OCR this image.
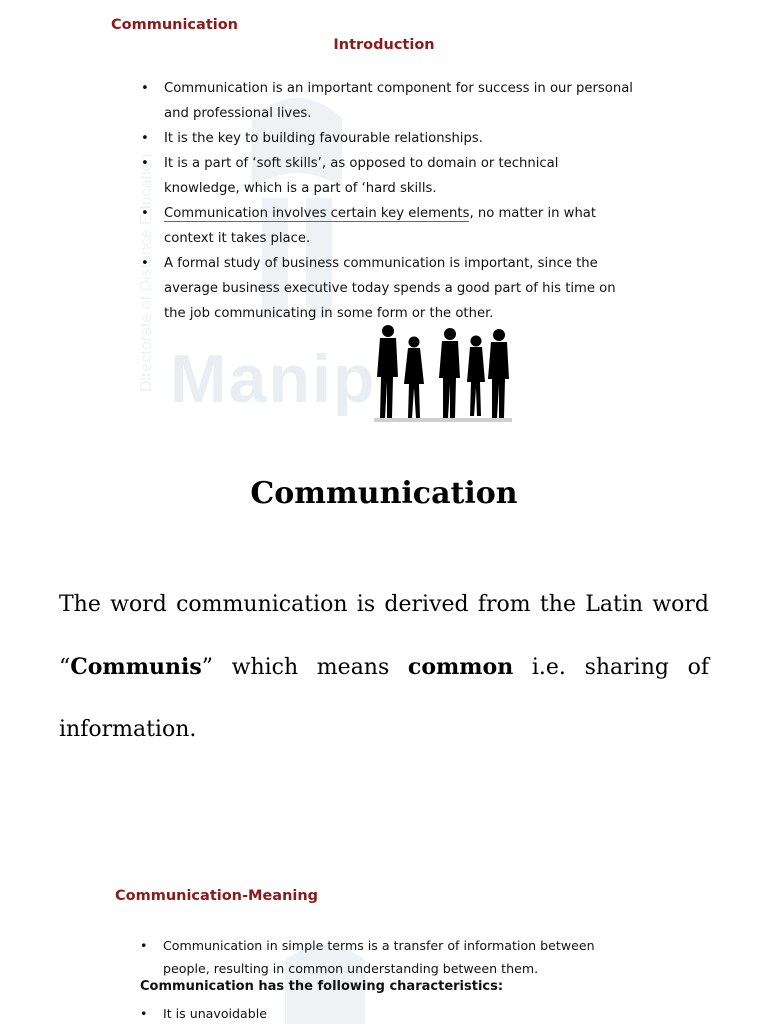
Manip
Directorate of Distance Education
Communication
Introduction
• Communication is an important component for success in our personal and professional lives.
• It is the key to building favourable relationships.
• It is a part of ‘soft skills’, as opposed to domain or technical knowledge, which is a part of ‘hard skills.
• Communication involves certain key elements, no matter in what context it takes place.
• A formal study of business communication is important, since the average business executive today spends a good part of his time on the job communicating in some form or the other.
Communication

The word communication is derived from the Latin word “Communis” which means common i.e. sharing of information.

Communication-Meaning
• Communication in simple terms is a transfer of information between people, resulting in common understanding between them.
Communication has the following characteristics:
• It is unavoidable
